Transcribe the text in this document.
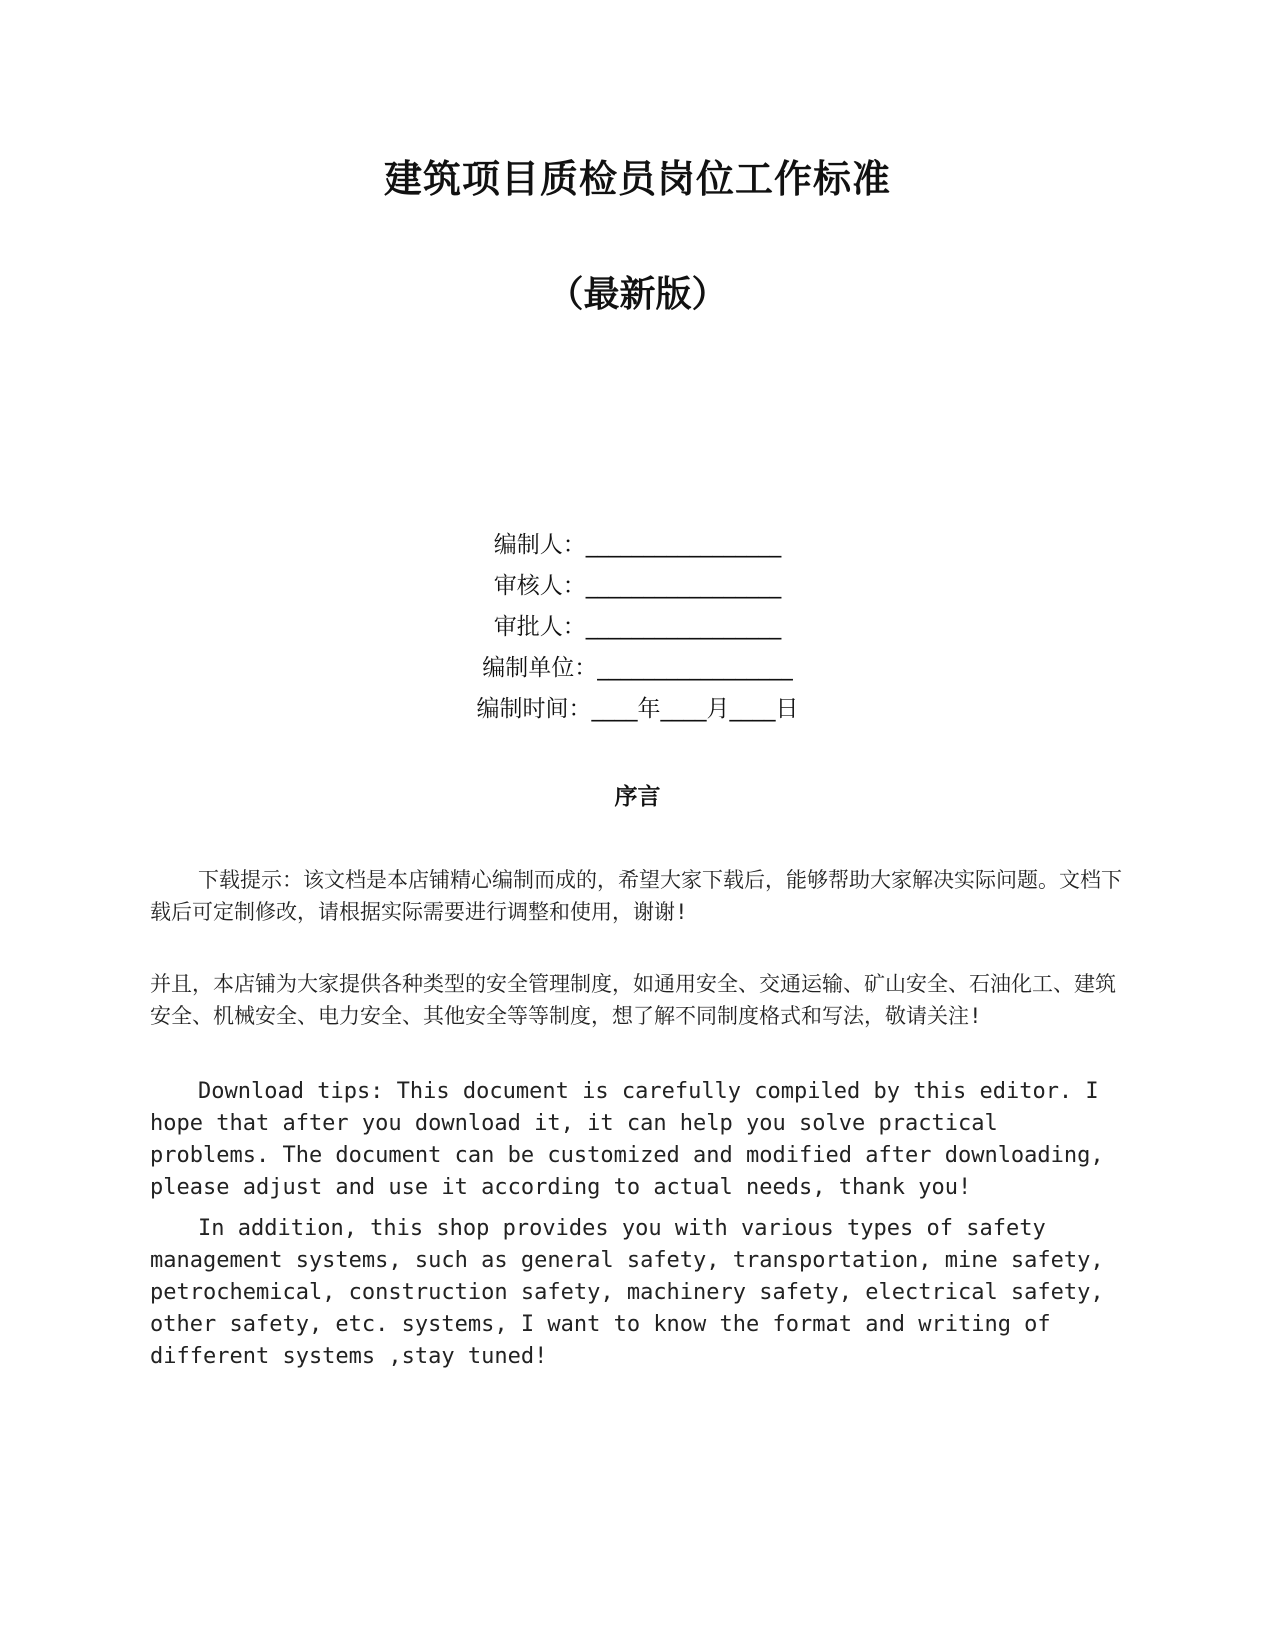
建筑项目质检员岗位工作标准
（最新版）
编制人： _________________
审核人： _________________
审批人： _________________
编制单位： _________________
编制时间： ____年____月____日
序言

下载提示：该文档是本店铺精心编制而成的，希望大家下载后，能够帮助大家解决实际问题。文档下载后可定制修改，请根据实际需要进行调整和使用，谢谢!

并且，本店铺为大家提供各种类型的安全管理制度，如通用安全、交通运输、矿山安全、石油化工、建筑安全、机械安全、电力安全、其他安全等等制度，想了解不同制度格式和写法，敬请关注!

Download tips: This document is carefully compiled by this editor. I hope that after you download it, it can help you solve practical problems. The document can be customized and modified after downloading, please adjust and use it according to actual needs, thank you!

In addition, this shop provides you with various types of safety management systems, such as general safety, transportation, mine safety, petrochemical, construction safety, machinery safety, electrical safety, other safety, etc. systems, I want to know the format and writing of different systems ,stay tuned!
